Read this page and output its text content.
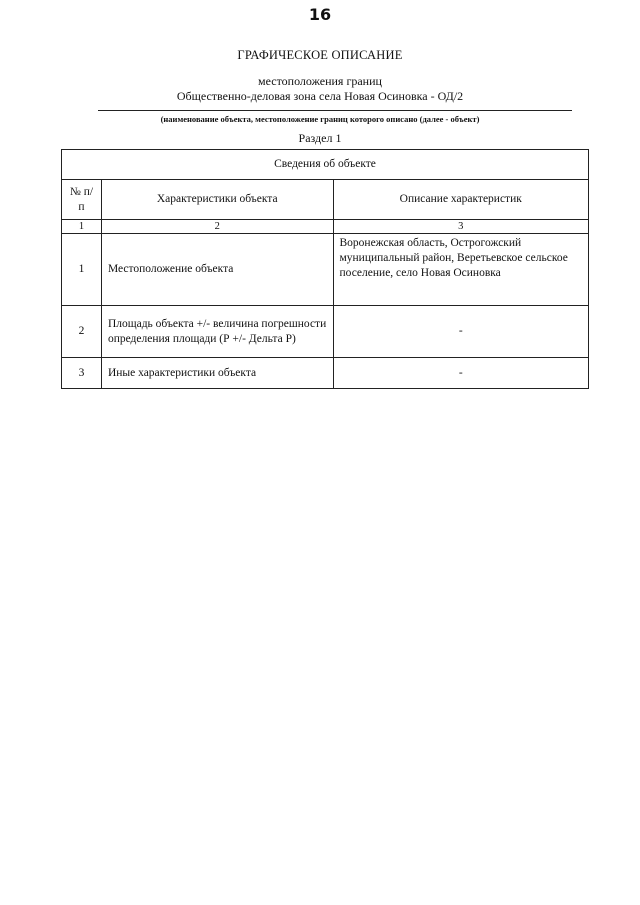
16
ГРАФИЧЕСКОЕ ОПИСАНИЕ
местоположения границ
Общественно-деловая зона села Новая Осиновка - ОД/2
(наименование объекта, местоположение границ которого описано (далее - объект)
Раздел 1
Сведения об объекте		
№ п/п	Характеристики объекта	Описание характеристик
1	2	3
1	Местоположение объекта	Воронежская область, Острогожский муниципальный район, Веретьевское сельское поселение, село Новая Осиновка
2	Площадь объекта +/- величина погрешности определения площади (Р +/- Дельта Р)	-
3	Иные характеристики объекта	-
